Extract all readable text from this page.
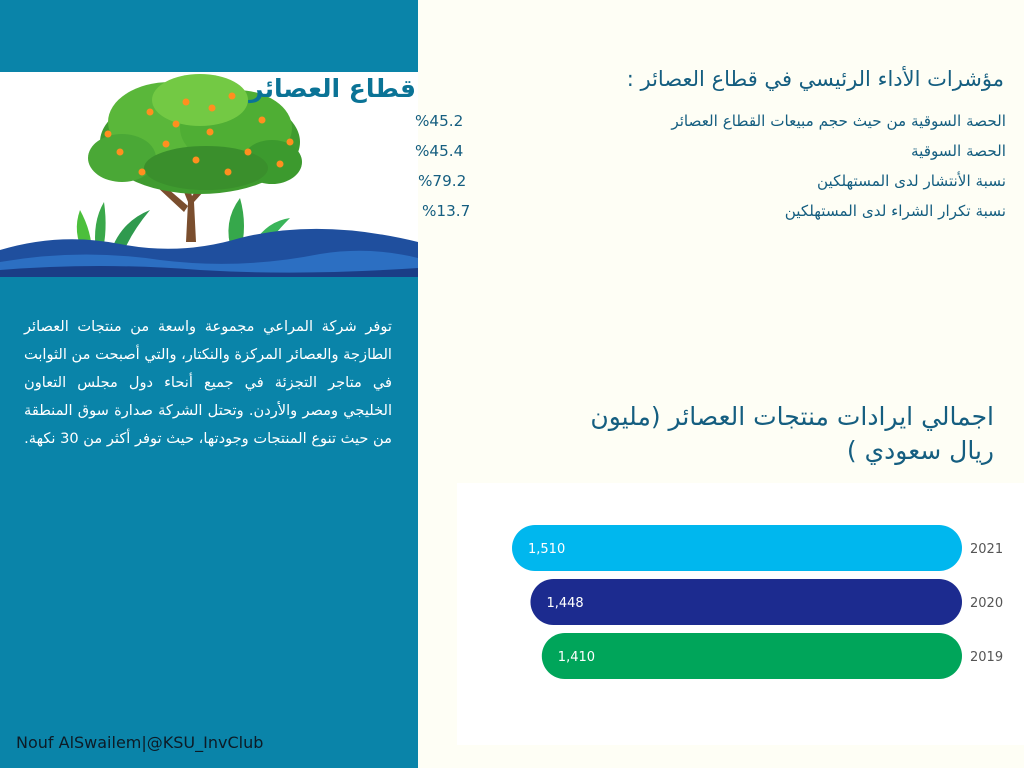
قطاع العصائر
توفر شركة المراعي مجموعة واسعة من منتجات العصائر الطازجة والعصائر المركزة والنكتار، والتي أصبحت من الثوابت في متاجر التجزئة في جميع أنحاء دول مجلس التعاون الخليجي ومصر والأردن. وتحتل الشركة صدارة سوق المنطقة من حيث تنوع المنتجات وجودتها، حيث توفر أكثر من 30 نكهة.
Nouf AlSwailem|@KSU_InvClub
مؤشرات الأداء الرئيسي في قطاع العصائر :
الحصة السوقية من حيث حجم مبيعات القطاع العصائر
%45.2
الحصة السوقية
%45.4
نسبة الأنتشار لدى المستهلكين
%79.2
نسبة تكرار الشراء لدى المستهلكين
%13.7
اجمالي ايرادات منتجات العصائر (مليون ريال سعودي )
1,510	2021
1,448	2020
1,410	2019
